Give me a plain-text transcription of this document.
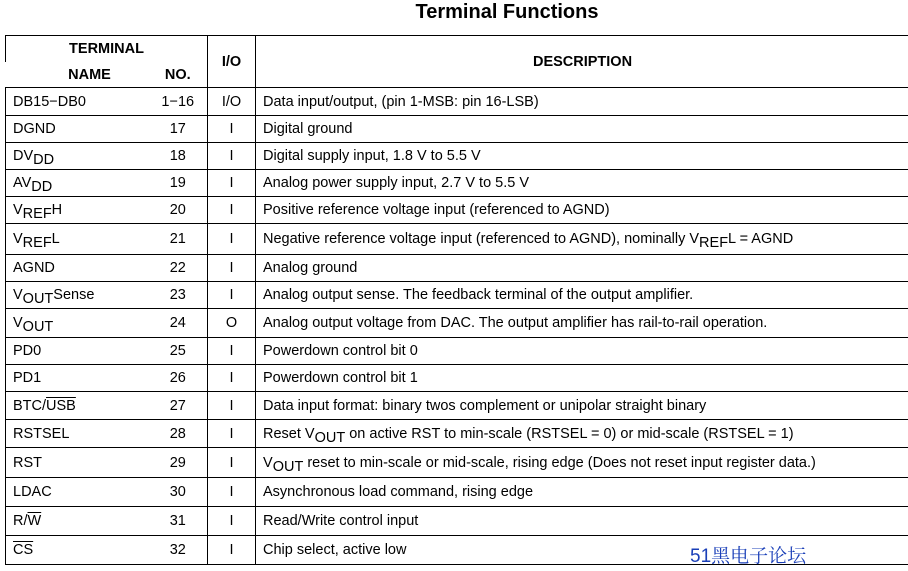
Terminal Functions
TERMINAL		I/O	DESCRIPTION
NAME	NO.		
DB15−DB0	1−16	I/O	Data input/output, (pin 1-MSB: pin 16-LSB)
DGND	17	I	Digital ground
$DV_{DD}$	18	I	Digital supply input, 1.8 V to 5.5 V
$AV_{DD}$	19	I	Analog power supply input, 2.7 V to 5.5 V
$V_{REF}H$	20	I	Positive reference voltage input (referenced to AGND)
$V_{REF}L$	21	I	Negative reference voltage input (referenced to AGND), nominally $V_{REF}L$ = AGND
AGND	22	I	Analog ground
$V_{OUT}Sense$	23	I	Analog output sense. The feedback terminal of the output amplifier.
$V_{OUT}$	24	O	Analog output voltage from DAC. The output amplifier has rail-to-rail operation.
PD0	25	I	Powerdown control bit 0
PD1	26	I	Powerdown control bit 1
BTC/$\overline{USB}$	27	I	Data input format: binary twos complement or unipolar straight binary
RSTSEL	28	I	Reset $V_{OUT}$ on active RST to min-scale (RSTSEL = 0) or mid-scale (RSTSEL = 1)
RST	29	I	$V_{OUT}$ reset to min-scale or mid-scale, rising edge (Does not reset input register data.)
LDAC	30	I	Asynchronous load command, rising edge
$R/\overline{W}$	31	I	Read/Write control input
$\overline{CS}$	32	I	Chip select, active low	51黑电子论坛
